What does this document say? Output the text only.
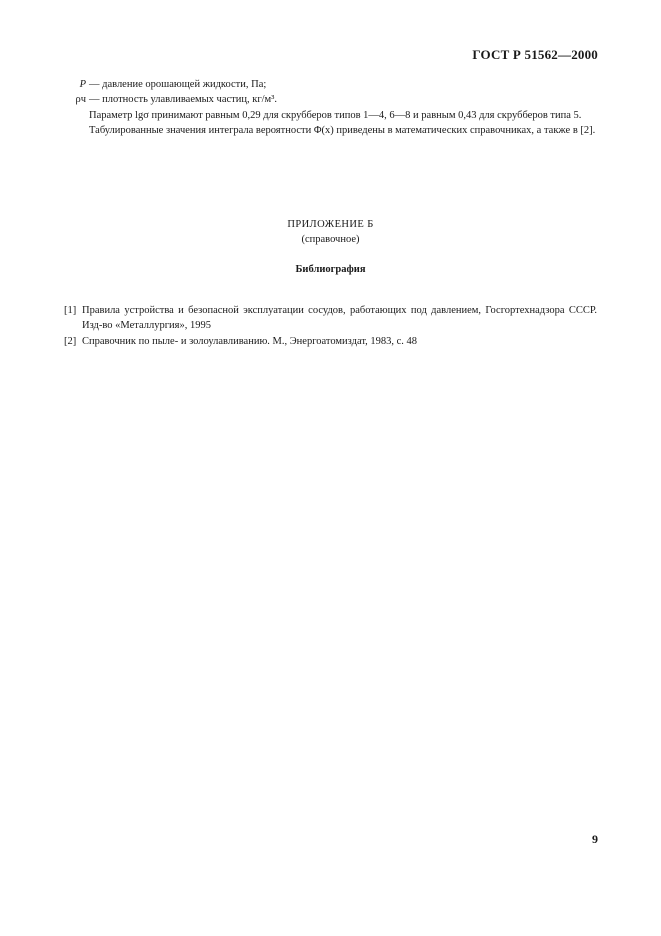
ГОСТ Р 51562—2000
P — давление орошающей жидкости, Па;
ρч — плотность улавливаемых частиц, кг/м³.

Параметр lgσ принимают равным 0,29 для скрубберов типов 1—4, 6—8 и равным 0,43 для скрубберов типа 5.

Табулированные значения интеграла вероятности Φ(x) приведены в математических справочниках, а также в [2].

ПРИЛОЖЕНИЕ Б
(справочное)
Библиография
[1] Правила устройства и безопасной эксплуатации сосудов, работающих под давлением, Госгортехнадзора СССР. Изд-во «Металлургия», 1995
[2] Справочник по пыле- и золоулавливанию. М., Энергоатомиздат, 1983, с. 48
9
